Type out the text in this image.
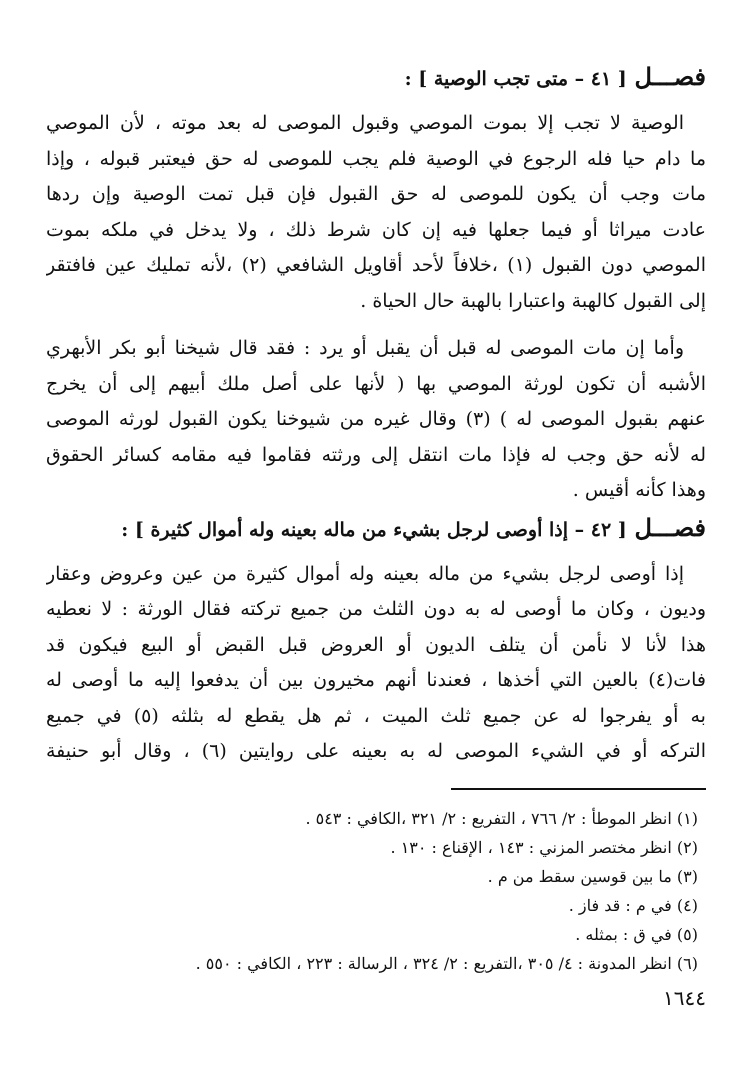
فصـــل [ ٤١ – متى تجب الوصية ] :
الوصية لا تجب إلا بموت الموصي وقبول الموصى له بعد موته ، لأن الموصي
ما دام حيا فله الرجوع في الوصية فلم يجب للموصى له حق فيعتبر قبوله ، وإذا
مات وجب أن يكون للموصى له حق القبول فإن قبل تمت الوصية وإن ردها
عادت ميراثا أو فيما جعلها فيه إن كان شرط ذلك ، ولا يدخل في ملكه بموت
الموصي دون القبول (١) ،خلافاً لأحد أقاويل الشافعي (٢) ،لأنه تمليك عين فافتقر
إلى القبول كالهبة واعتبارا بالهبة حال الحياة .
وأما إن مات الموصى له قبل أن يقبل أو يرد : فقد قال شيخنا أبو بكر الأبهري
الأشبه أن تكون لورثة الموصي بها ( لأنها على أصل ملك أبيهم إلى أن يخرج
عنهم بقبول الموصى له ) (٣) وقال غيره من شيوخنا يكون القبول لورثه الموصى
له لأنه حق وجب له فإذا مات انتقل إلى ورثته فقاموا فيه مقامه كسائر الحقوق
وهذا كأنه أقيس .
فصـــل [ ٤٢ – إذا أوصى لرجل بشيء من ماله بعينه وله أموال كثيرة ] :
إذا أوصى لرجل بشيء من ماله بعينه وله أموال كثيرة من عين وعروض وعقار
وديون ، وكان ما أوصى له به دون الثلث من جميع تركته فقال الورثة : لا نعطيه
هذا لأنا لا نأمن أن يتلف الديون أو العروض قبل القبض أو البيع فيكون قد
فات(٤) بالعين التي أخذها ، فعندنا أنهم مخيرون بين أن يدفعوا إليه ما أوصى له
به أو يفرجوا له عن جميع ثلث الميت ، ثم هل يقطع له بثلثه (٥) في جميع
التركه أو في الشيء الموصى له به بعينه على روايتين (٦) ، وقال أبو حنيفة
(١) انظر الموطأ : ٢/ ٧٦٦ ، التفريع : ٢/ ٣٢١ ،الكافي : ٥٤٣ .
(٢) انظر مختصر المزني : ١٤٣ ، الإقناع : ١٣٠ .
(٣) ما بين قوسين سقط من م .
(٤) في م : قد فاز .
(٥) في ق : بمثله .
(٦) انظر المدونة : ٤/ ٣٠٥ ،التفريع : ٢/ ٣٢٤ ، الرسالة : ٢٢٣ ، الكافي : ٥٥٠ .
١٦٤٤
